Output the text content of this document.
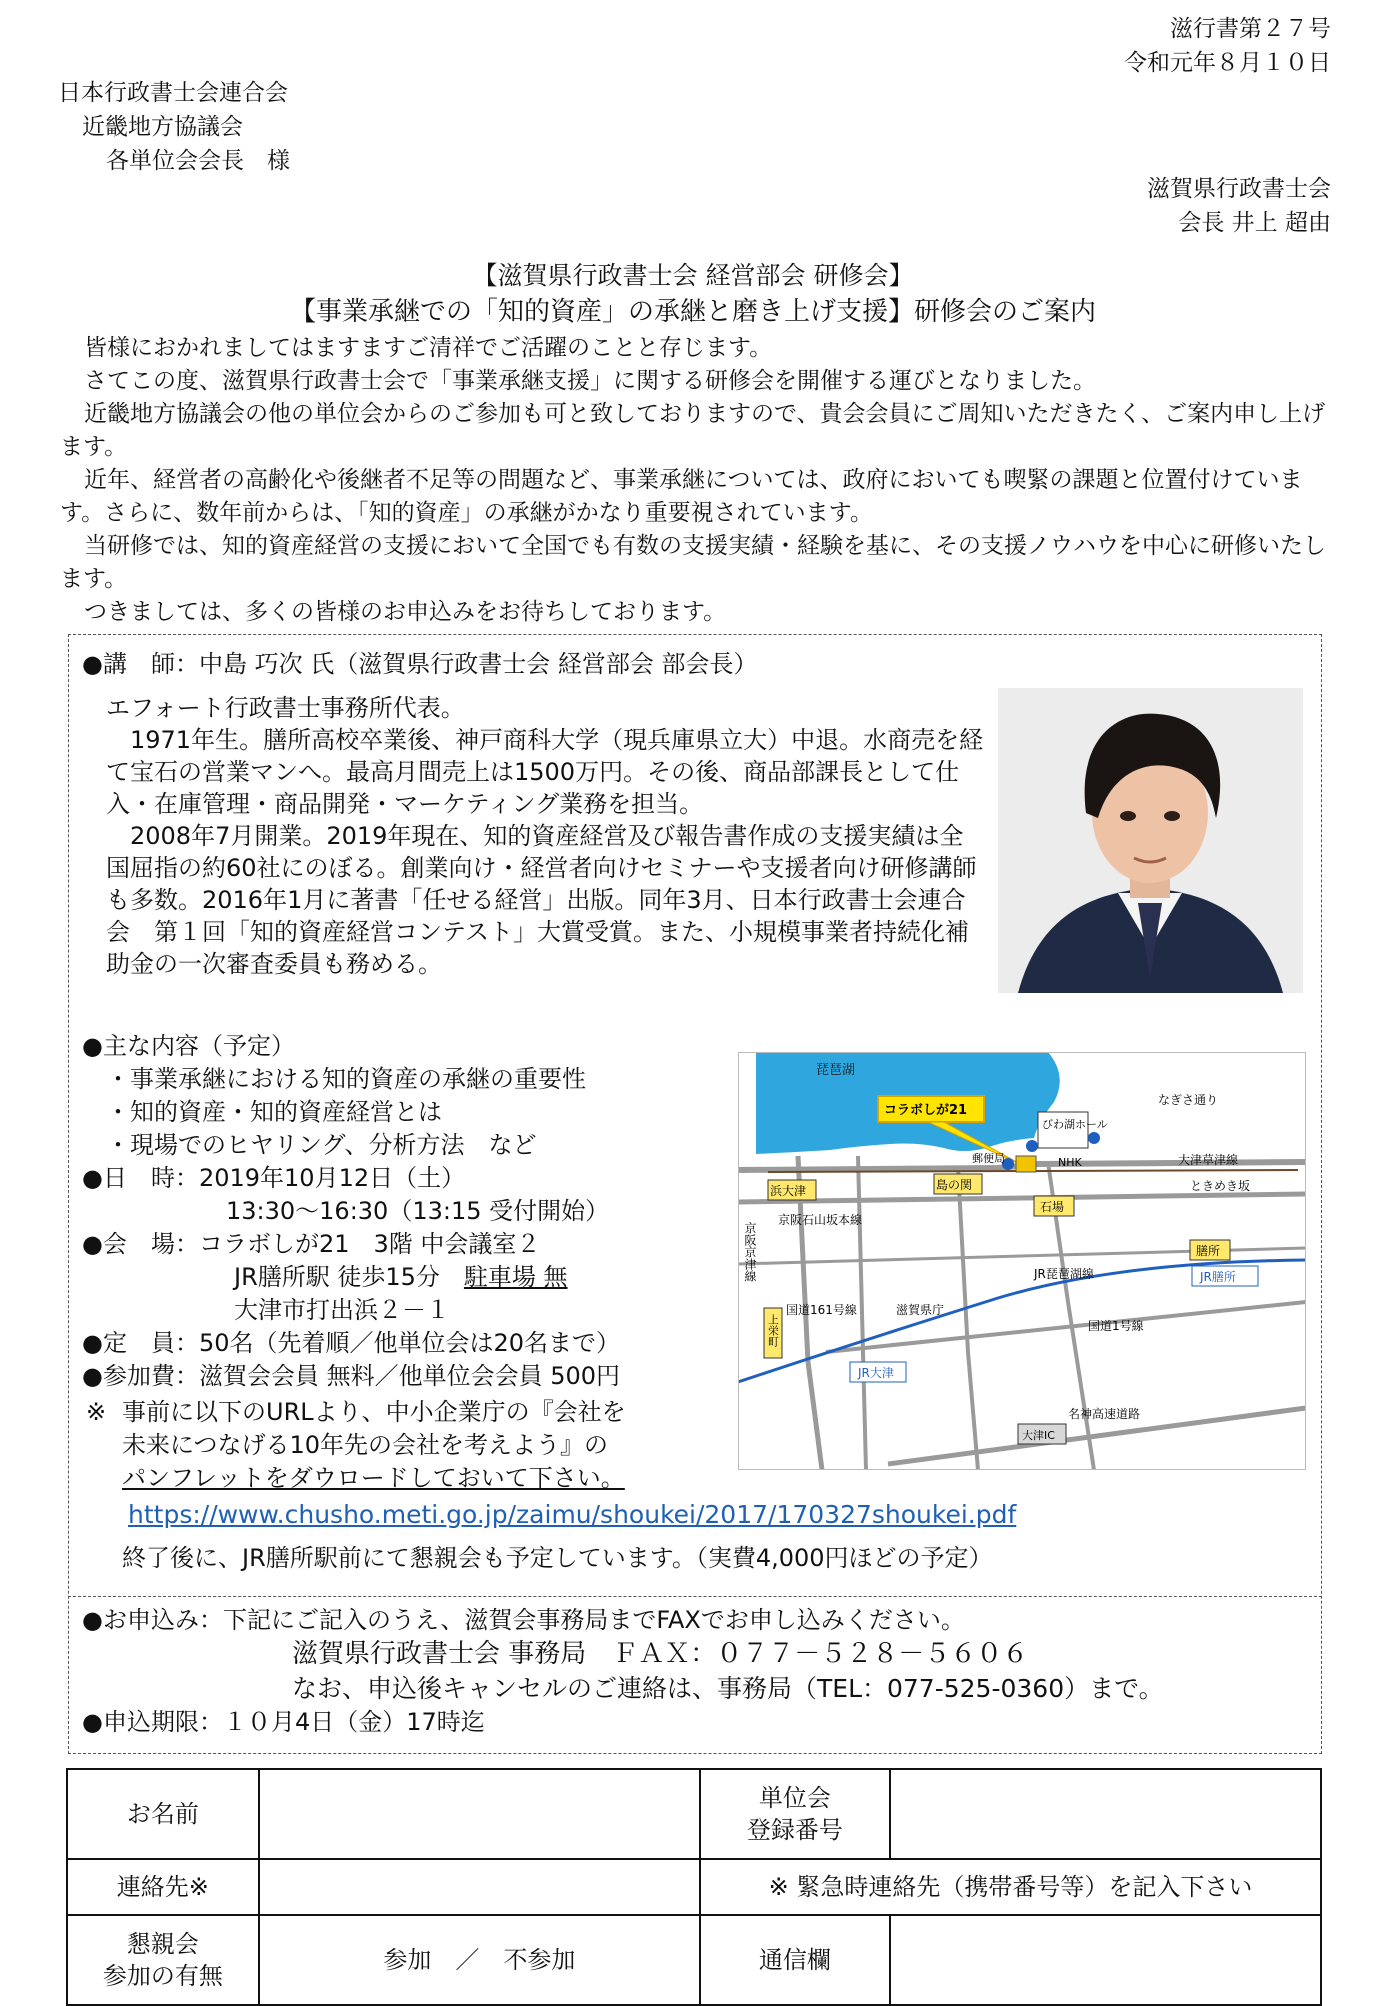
滋行書第２７号
令和元年８月１０日
日本行政書士会連合会
近畿地方協議会
各単位会会長　様
滋賀県行政書士会
会長 井上 超由
【滋賀県行政書士会 経営部会 研修会】
【事業承継での「知的資産」の承継と磨き上げ支援】研修会のご案内

皆様におかれましてはますますご清祥でご活躍のことと存じます。

さてこの度、滋賀県行政書士会で「事業承継支援」に関する研修会を開催する運びとなりました。

近畿地方協議会の他の単位会からのご参加も可と致しておりますので、貴会会員にご周知いただきたく、ご案内申し上げます。

近年、経営者の高齢化や後継者不足等の問題など、事業承継については、政府においても喫緊の課題と位置付けています。さらに、数年前からは、「知的資産」の承継がかなり重要視されています。

当研修では、知的資産経営の支援において全国でも有数の支援実績・経験を基に、その支援ノウハウを中心に研修いたします。

つきましては、多くの皆様のお申込みをお待ちしております。

●講　師：中島 巧次 氏（滋賀県行政書士会 経営部会 部会長）

エフォート行政書士事務所代表。

1971年生。膳所高校卒業後、神戸商科大学（現兵庫県立大）中退。水商売を経て宝石の営業マンへ。最高月間売上は1500万円。その後、商品部課長として仕入・在庫管理・商品開発・マーケティング業務を担当。

2008年7月開業。2019年現在、知的資産経営及び報告書作成の支援実績は全国屈指の約60社にのぼる。創業向け・経営者向けセミナーや支援者向け研修講師も多数。2016年1月に著書「任せる経営」出版。同年3月、日本行政書士会連合会　第１回「知的資産経営コンテスト」大賞受賞。また、小規模事業者持続化補助金の一次審査委員も務める。

●主な内容（予定）
・事業承継における知的資産の承継の重要性
・知的資産・知的資産経営とは
・現場でのヒヤリング、分析方法　など
●日　時：2019年10月12日（土）
13:30～16:30（13:15 受付開始）
●会　場：コラボしが21　3階 中会議室２
JR膳所駅 徒歩15分 駐車場 無
大津市打出浜２－１
●定　員：50名（先着順／他単位会は20名まで）
●参加費：滋賀会会員 無料／他単位会会員 500円
※ 事前に以下のURLより、中小企業庁の『会社を
未来につなげる10年先の会社を考えよう』の
パンフレットをダウロードしておいて下さい。
https://www.chusho.meti.go.jp/zaimu/shoukei/2017/170327shoukei.pdf
終了後に、JR膳所駅前にて懇親会も予定しています。（実費4,000円ほどの予定）
琵琶湖
浜大津	島の関
石場
膳所
JR膳所
JR大津
大津IC
コラボしが21
びわ湖ホール
郵便局	NHK
なぎさ通り
大津草津線
ときめき坂
京阪石山坂本線
JR琵琶湖線
国道161号線	滋賀県庁
国道1号線
名神高速道路
京阪京津線
上栄町
●お申込み：下記にご記入のうえ、滋賀会事務局までFAXでお申し込みください。
滋賀県行政書士会 事務局　ＦＡＸ：０７７－５２８－５６０６
なお、申込後キャンセルのご連絡は、事務局（TEL：077-525-0360）まで。
●申込期限：１０月4日（金）17時迄
お名前		単位会
登録番号	

連絡先※		※ 緊急時連絡先（携帯番号等）を記入下さい	

懇親会
参加の有無	参加　／　不参加	通信欄	
